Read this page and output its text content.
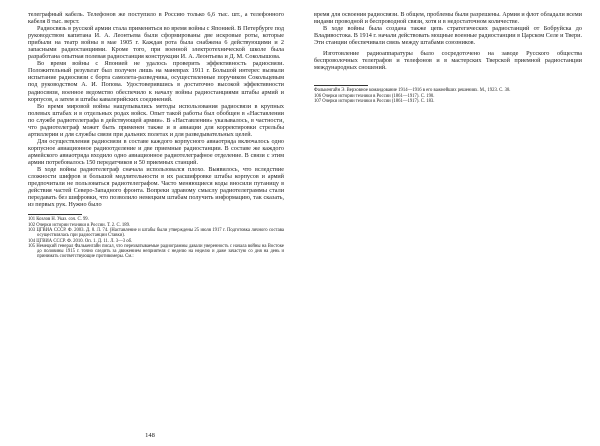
телеграфный кабель. Телефонов же поступило в Россию только 6,6 тыс. шт., а телефонного кабеля 8 тыс. верст.

Радиосвязь в русской армии стала применяться во время войны с Японией. В Петербурге под руководством капитана И. А. Леонтьева были сформированы две искровые роты, которые прибыли на театр войны в мае 1905 г. Каждая рота была снабжена 6 действующими и 2 запасными радиостанциями. Кроме того, при военной электротехнической школе была разработана опытная полевая радиостанция конструкции И. А. Леонтьева и Д. М. Соколышова.

Во время войны с Японией не удалось проверить эффективность радиосвязи. Положительный результат был получен лишь на маневрах 1911 г. Большой интерес вызвали испытание радиосвязи с борта самолета-разведчика, осуществленные поручиком Сокольцевым под руководством А. И. Попова. Удостоверившись в достаточно высокой эффективности радиосвязи, военное ведомство обеспечило к началу войны радиостанциями штабы армий и корпусов, а затем и штабы кавалерийских соединений.

Во время мировой войны нащупывались методы использования радиосвязи в крупных полевых штабах и в отдельных родах войск. Опыт такой работы был обобщен в «Наставлении по службе радиотелеграфа в действующей армии». В «Наставлении» указывалось, в частности, что радиотелеграф может быть применен также и в авиации для корректировки стрельбы артиллерии и для службы связи при дальних полетах и для разведывательных целей.

Для осуществления радиосвязи в составе каждого корпусного авиаотряда включалось одно корпусное авиационное радиоотделение и две приемные радиостанции. В составе же каждого армейского авиаотряда входило одно авиационное радиотелеграфное отделение. В связи с этим армии потребовалось 150 передатчиков и 50 приемных станций.

В ходе войны радиотелеграф сначала использовался плохо. Выявилось, что вследствие сложности шифров и большой медлительности в их расшифровке штабы корпусов и армий предпочитали не пользоваться радиотелеграфом. Часто меняющиеся коды вносили путаницу в действия частей Северо-Западного фронта. Вопреки здравому смыслу радиотелеграммы стали передавать без шифровки, что позволило немецким штабам получить информацию, так сказать, из первых рук. Нужно было

101 Козлов Н. Указ. соч. С. 99.

102 Очерки истории техники в России. Т. 2. С. 189.

103 ЦГВИА СССР. Ф. 2003. Д. 8. Л. 74. (Наставление и штабы были утверждены 25 июля 1917 г. Подготовка личного состава осуществлялась при радиостанции Ставки).

104 ЦГВИА СССР. Ф. 2010. Оп. 1. Д. 11. Л. 3—3 об.

105 Немецкий генерал Фалькенгайн писал, что перехватываемые радиограммы давали уверенность с начала войны на Востоке до половины 1915 г. точно следить за движением неприятеля с неделю на неделю и даже зачастую со дня на день и принимать соответствующие противомеры. См.:

148

время для освоения радиосвязи. В общем, проблемы были разрешены. Армия и флот обладали всеми видами проводной и беспроводной связи, хотя и в недостаточном количестве.

В ходе войны была создана также цепь стратегических радиостанций от Бобруйска до Владивостока. В 1914 г. начали действовать мощные военные радиостанции в Царском Селе и Твери. Эти станции обеспечивали связь между штабами союзников.

Изготовление радиоаппаратуры было сосредоточено на заводе Русского общества беспроволочных телеграфов и телефонов и в мастерских Тверской приемной радиостанции международных сношений.

Фалькенгайн Э. Верховное командование 1914—1916 в его важнейших решениях. М., 1923. С. 38.

106 Очерки истории техники в России (1861—1917). С. 190.

107 Очерки истории техники в России (1861—1917). С. 183.
